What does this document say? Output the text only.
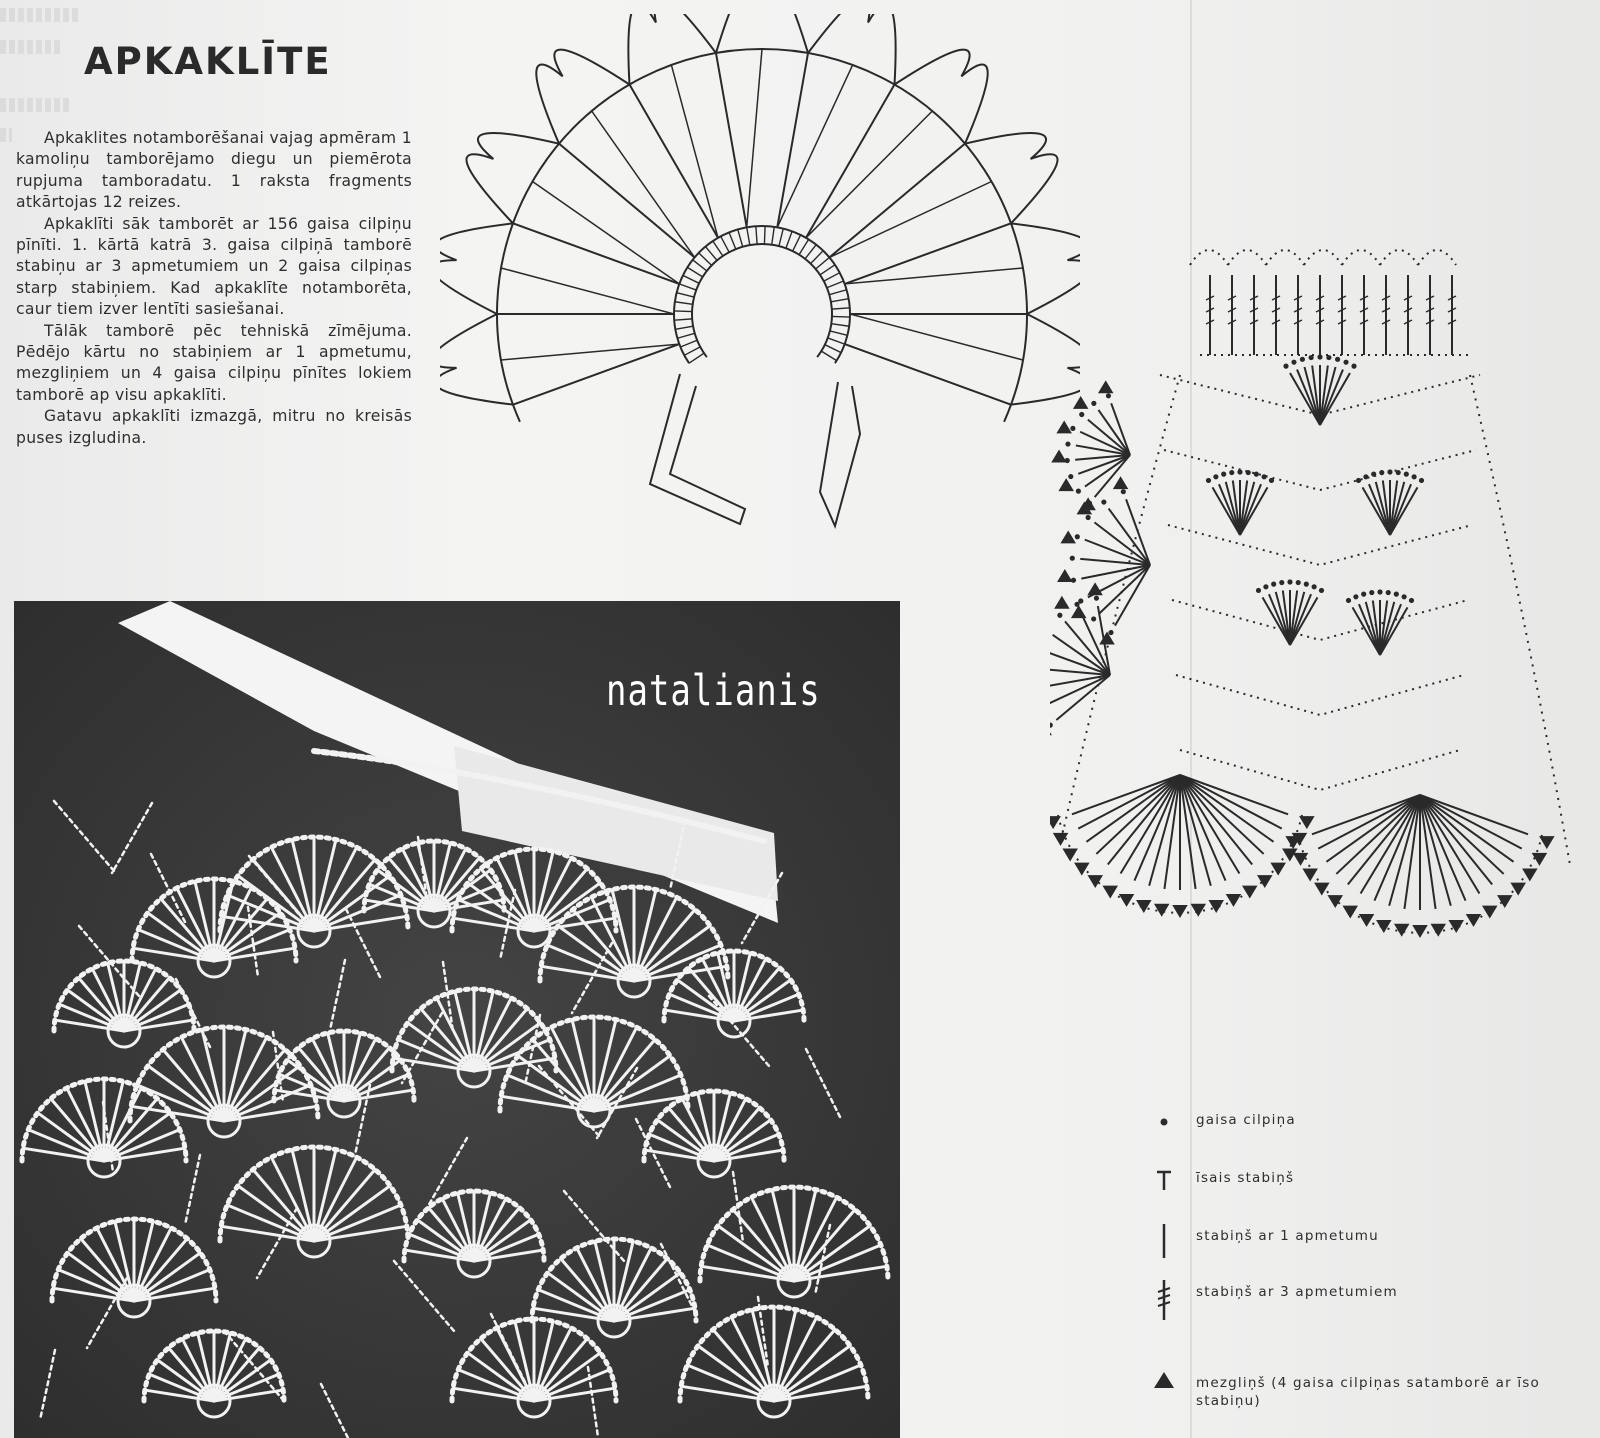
APKAKLĪTE

Apkaklites notamborēšanai vajag apmēram 1 kamoliņu tamborējamo diegu un piemērota rupjuma tamboradatu. 1 raksta fragments atkārtojas 12 reizes.

Apkaklīti sāk tamborēt ar 156 gaisa cilpiņu pīnīti. 1. kārtā katrā 3. gaisa cilpiņā tamborē stabiņu ar 3 apmetumiem un 2 gaisa cilpiņas starp stabiņiem. Kad apkaklīte notamborēta, caur tiem izver lentīti sasiešanai.

Tālāk tamborē pēc tehniskā zīmējuma. Pēdējo kārtu no stabiņiem ar 1 apmetumu, mezgliņiem un 4 gaisa cilpiņu pīnītes lokiem tamborē ap visu apkaklīti.

Gatavu apkaklīti izmazgā, mitru no kreisās puses izgludina.

natalianis
gaisa cilpiņa
īsais stabiņš
stabiņš ar 1 apmetumu
stabiņš ar 3 apmetumiem
mezgliņš (4 gaisa cilpiņas satamborē ar īso stabiņu)
